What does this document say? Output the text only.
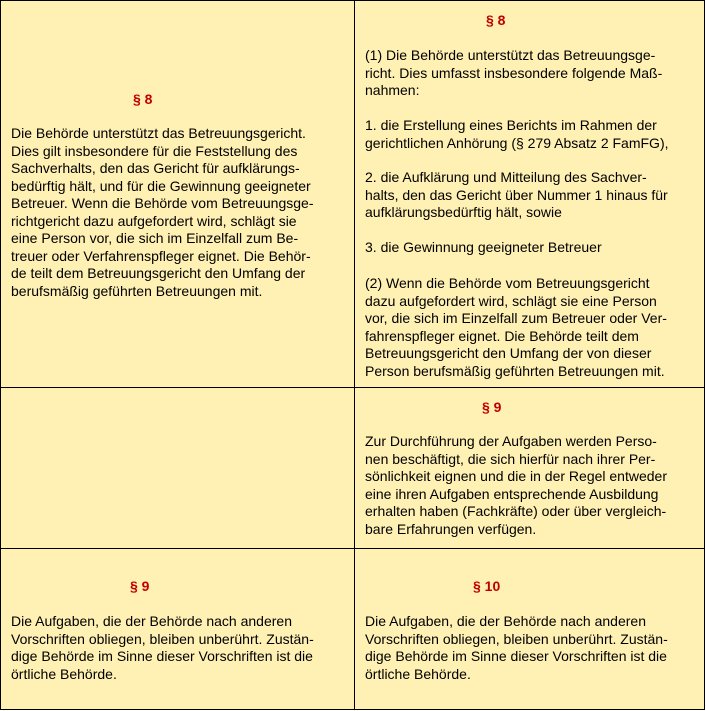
§ 8
Die Behörde unterstützt das Betreuungsgericht.
Dies gilt insbesondere für die Feststellung des
Sachverhalts, den das Gericht für aufklärungs-
bedürftig hält, und für die Gewinnung geeigneter
Betreuer. Wenn die Behörde vom Betreuungsge-
richtgericht dazu aufgefordert wird, schlägt sie
eine Person vor, die sich im Einzelfall zum Be-
treuer oder Verfahrenspfleger eignet. Die Behör-
de teilt dem Betreuungsgericht den Umfang der
berufsmäßig geführten Betreuungen mit.
§ 8
(1) Die Behörde unterstützt das Betreuungsge-
richt. Dies umfasst insbesondere folgende Maß-
nahmen:
1. die Erstellung eines Berichts im Rahmen der
gerichtlichen Anhörung (§ 279 Absatz 2 FamFG),
2. die Aufklärung und Mitteilung des Sachver-
halts, den das Gericht über Nummer 1 hinaus für
aufklärungsbedürftig hält, sowie
3. die Gewinnung geeigneter Betreuer
(2) Wenn die Behörde vom Betreuungsgericht
dazu aufgefordert wird, schlägt sie eine Person
vor, die sich im Einzelfall zum Betreuer oder Ver-
fahrenspfleger eignet. Die Behörde teilt dem
Betreuungsgericht den Umfang der von dieser
Person berufsmäßig geführten Betreuungen mit.
§ 9
Zur Durchführung der Aufgaben werden Perso-
nen beschäftigt, die sich hierfür nach ihrer Per-
sönlichkeit eignen und die in der Regel entweder
eine ihren Aufgaben entsprechende Ausbildung
erhalten haben (Fachkräfte) oder über vergleich-
bare Erfahrungen verfügen.
§ 9
Die Aufgaben, die der Behörde nach anderen
Vorschriften obliegen, bleiben unberührt. Zustän-
dige Behörde im Sinne dieser Vorschriften ist die
örtliche Behörde.
§ 10
Die Aufgaben, die der Behörde nach anderen
Vorschriften obliegen, bleiben unberührt. Zustän-
dige Behörde im Sinne dieser Vorschriften ist die
örtliche Behörde.
